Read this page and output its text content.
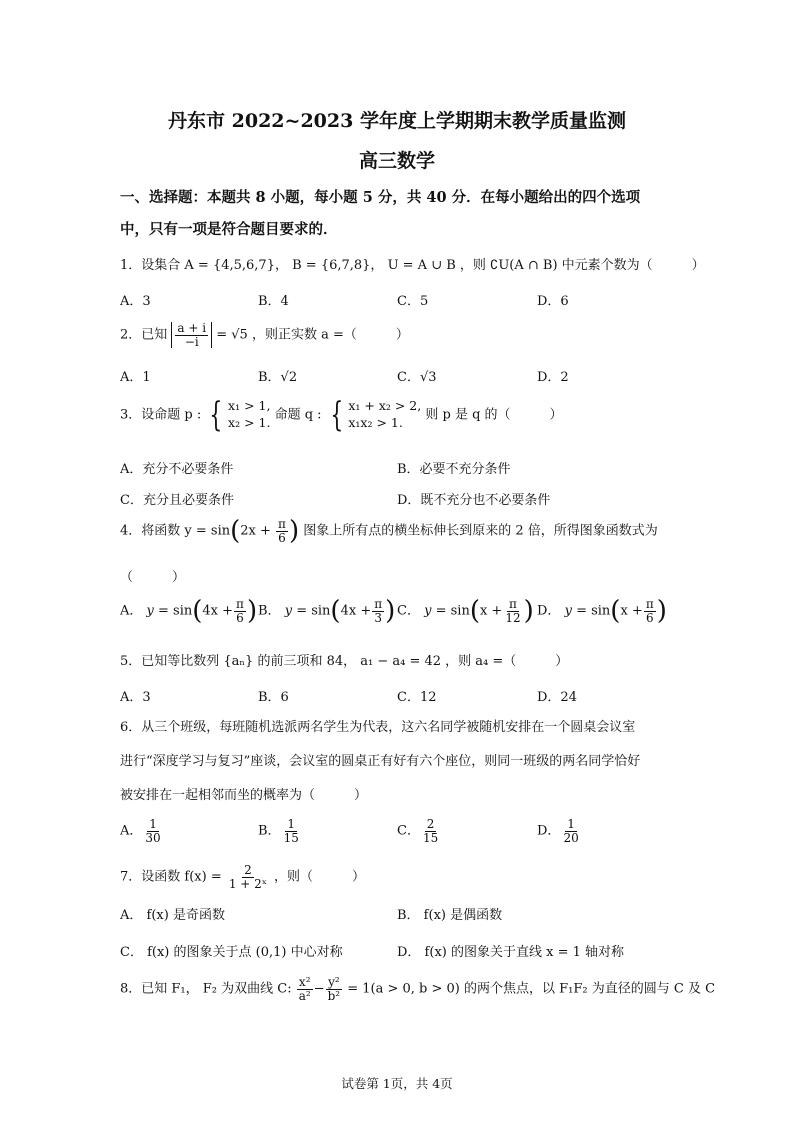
丹东市 2022~2023 学年度上学期期末教学质量监测
高三数学
一、选择题：本题共 8 小题，每小题 5 分，共 40 分．在每小题给出的四个选项
中，只有一项是符合题目要求的．
1．设集合 A = {4,5,6,7}， B = {6,7,8}， U = A ∪ B ，则 ∁U(A ∩ B) 中元素个数为（　　　）
A．3	B．4	C．5	D．6
2．已知 $\frac{a + i}{-i} = √5$ ，则正实数 a =（　　　）
A．1	B．√2	C．√3	D．2
3．设命题 p : { x₁ > 1,
x₂ > 1. 命题 q : { x₁ + x₂ > 2,
x₁x₂ > 1.	则 p 是 q 的（　　　）
A．充分不必要条件	B．必要不充分条件
C．充分且必要条件	D．既不充分也不必要条件
4．将函数 $y = \sin(2x + \frac{\pi}{6}$ ) 图象上所有点的横坐标伸长到原来的 2 倍，所得图象函数式为
（　　　）
A． $y = \sin(4x + \frac{\pi}{6}$ ) B． $y = \sin(4x + \frac{\pi}{3}$ ) C． $y = \sin(x + \frac{\pi}{12}$ ) D． $y = \sin(x + \frac{\pi}{6}$ )
5．已知等比数列 {aₙ} 的前三项和 84， a₁ − a₄ = 42 ，则 a₄ =（　　　）
A．3	B．6	C．12	D．24
6．从三个班级，每班随机选派两名学生为代表，这六名同学被随机安排在一个圆桌会议室
进行“深度学习与复习”座谈，会议室的圆桌正有好有六个座位，则同一班级的两名同学恰好
被安排在一起相邻而坐的概率为（　　　）
A． $\frac{1}{30}$	B． $\frac{1}{15}$	C． $\frac{2}{15}$	D． $\frac{1}{20}$
7．设函数 $f(x) = \frac{2}{\text{1 + 2ˣ}}$ ，则（　　　）
A． f(x) 是奇函数	B． f(x) 是偶函数
C． f(x) 的图象关于点 (0,1) 中心对称	D． f(x) 的图象关于直线 x = 1 轴对称
8．已知 F₁， F₂ 为双曲线 C: $\frac{\text{x²}}{\text{a²}} - \frac{\text{y²}}{\text{b²}} = 1(a > 0$, b > 0) 的两个焦点，以 F₁F₂ 为直径的圆与 C 及 C
试卷第 1页，共 4页
